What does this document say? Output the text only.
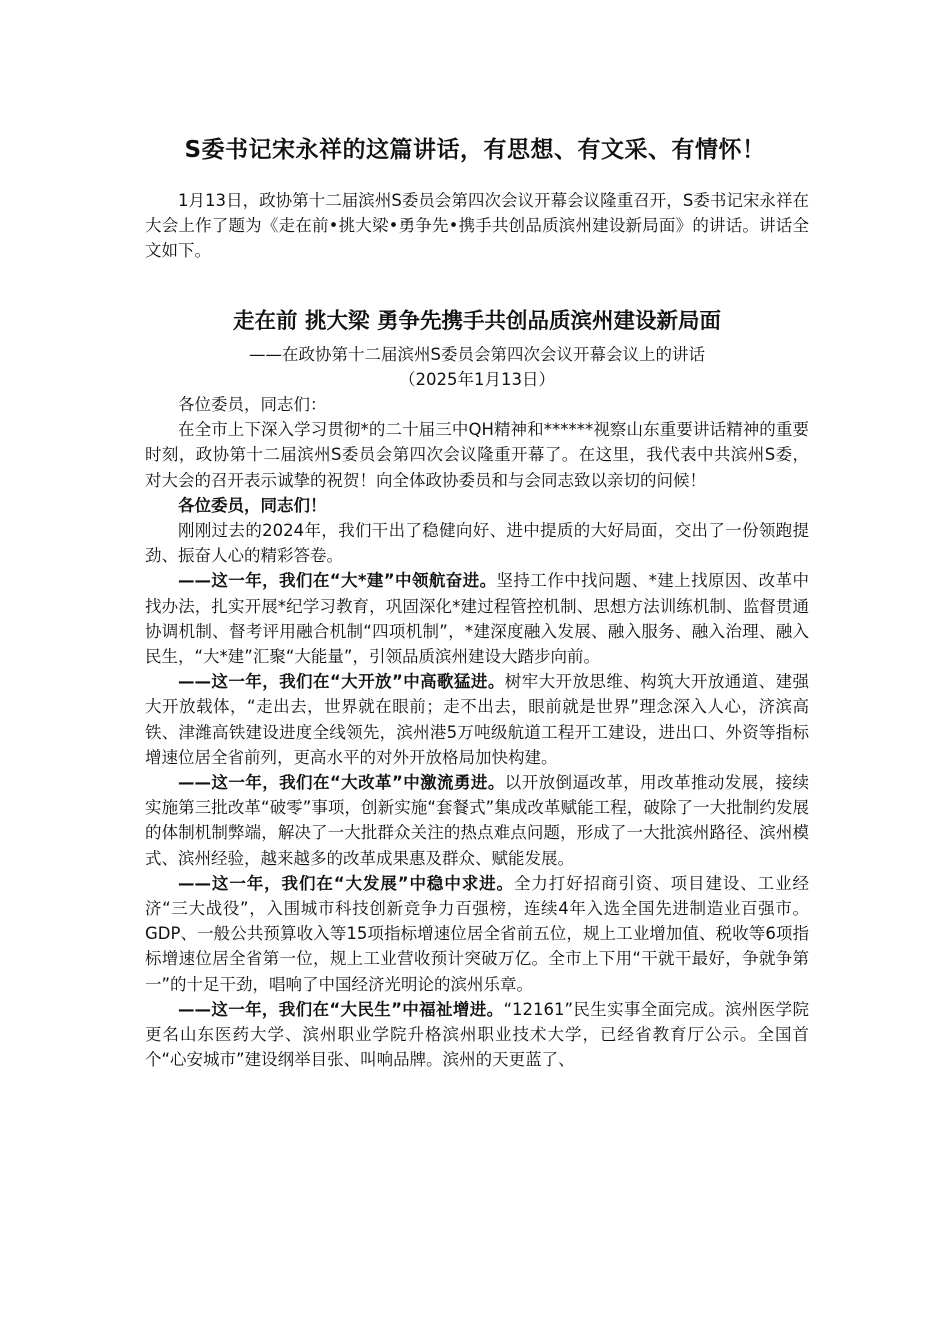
S委书记宋永祥的这篇讲话，有思想、有文采、有情怀！

1月13日，政协第十二届滨州S委员会第四次会议开幕会议隆重召开，S委书记宋永祥在大会上作了题为《走在前•挑大梁•勇争先•携手共创品质滨州建设新局面》的讲话。讲话全文如下。

走在前 挑大梁 勇争先携手共创品质滨州建设新局面

——在政协第十二届滨州S委员会第四次会议开幕会议上的讲话

（2025年1月13日）

各位委员，同志们：

在全市上下深入学习贯彻*的二十届三中QH精神和******视察山东重要讲话精神的重要时刻，政协第十二届滨州S委员会第四次会议隆重开幕了。在这里，我代表中共滨州S委，对大会的召开表示诚挚的祝贺！向全体政协委员和与会同志致以亲切的问候！

各位委员，同志们！

刚刚过去的2024年，我们干出了稳健向好、进中提质的大好局面，交出了一份领跑提劲、振奋人心的精彩答卷。

——这一年，我们在“大*建”中领航奋进。坚持工作中找问题、*建上找原因、改革中找办法，扎实开展*纪学习教育，巩固深化*建过程管控机制、思想方法训练机制、监督贯通协调机制、督考评用融合机制“四项机制”，*建深度融入发展、融入服务、融入治理、融入民生，“大*建”汇聚“大能量”，引领品质滨州建设大踏步向前。

——这一年，我们在“大开放”中高歌猛进。树牢大开放思维、构筑大开放通道、建强大开放载体，“走出去，世界就在眼前；走不出去，眼前就是世界”理念深入人心，济滨高铁、津潍高铁建设进度全线领先，滨州港5万吨级航道工程开工建设，进出口、外资等指标增速位居全省前列，更高水平的对外开放格局加快构建。

——这一年，我们在“大改革”中激流勇进。以开放倒逼改革，用改革推动发展，接续实施第三批改革“破零”事项，创新实施“套餐式”集成改革赋能工程，破除了一大批制约发展的体制机制弊端，解决了一大批群众关注的热点难点问题，形成了一大批滨州路径、滨州模式、滨州经验，越来越多的改革成果惠及群众、赋能发展。

——这一年，我们在“大发展”中稳中求进。全力打好招商引资、项目建设、工业经济“三大战役”，入围城市科技创新竞争力百强榜，连续4年入选全国先进制造业百强市。GDP、一般公共预算收入等15项指标增速位居全省前五位，规上工业增加值、税收等6项指标增速位居全省第一位，规上工业营收预计突破万亿。全市上下用“干就干最好，争就争第一”的十足干劲，唱响了中国经济光明论的滨州乐章。

——这一年，我们在“大民生”中福祉增进。“12161”民生实事全面完成。滨州医学院更名山东医药大学、滨州职业学院升格滨州职业技术大学，已经省教育厅公示。全国首个“心安城市”建设纲举目张、叫响品牌。滨州的天更蓝了、
